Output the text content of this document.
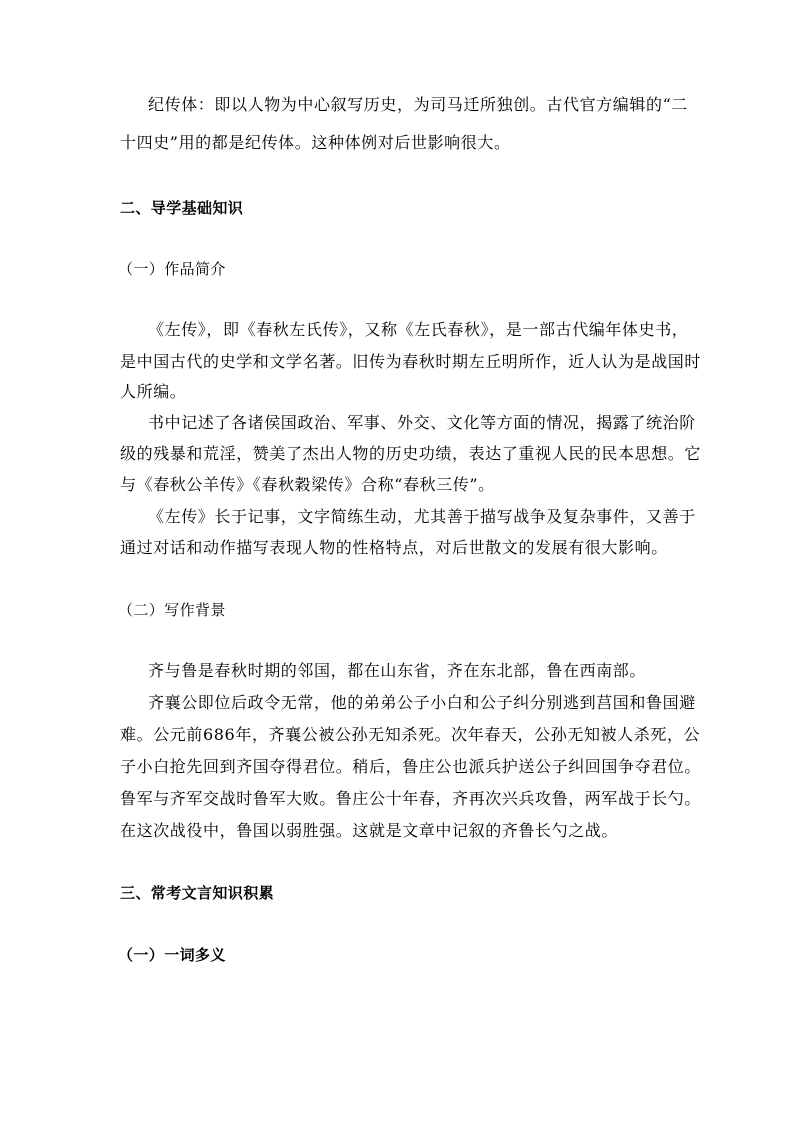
纪传体：即以人物为中心叙写历史，为司马迁所独创。古代官方编辑的“二
十四史”用的都是纪传体。这种体例对后世影响很大。
二、导学基础知识
（一）作品简介
《左传》，即《春秋左氏传》，又称《左氏春秋》，是一部古代编年体史书，
是中国古代的史学和文学名著。旧传为春秋时期左丘明所作，近人认为是战国时
人所编。
书中记述了各诸侯国政治、军事、外交、文化等方面的情况，揭露了统治阶
级的残暴和荒淫，赞美了杰出人物的历史功绩，表达了重视人民的民本思想。它
与《春秋公羊传》《春秋穀梁传》合称“春秋三传”。
《左传》长于记事，文字简练生动，尤其善于描写战争及复杂事件，又善于
通过对话和动作描写表现人物的性格特点，对后世散文的发展有很大影响。
（二）写作背景
齐与鲁是春秋时期的邻国，都在山东省，齐在东北部，鲁在西南部。
齐襄公即位后政令无常，他的弟弟公子小白和公子纠分别逃到莒国和鲁国避
难。公元前686年，齐襄公被公孙无知杀死。次年春天，公孙无知被人杀死，公
子小白抢先回到齐国夺得君位。稍后，鲁庄公也派兵护送公子纠回国争夺君位。
鲁军与齐军交战时鲁军大败。鲁庄公十年春，齐再次兴兵攻鲁，两军战于长勺。
在这次战役中，鲁国以弱胜强。这就是文章中记叙的齐鲁长勺之战。
三、常考文言知识积累
（一）一词多义
